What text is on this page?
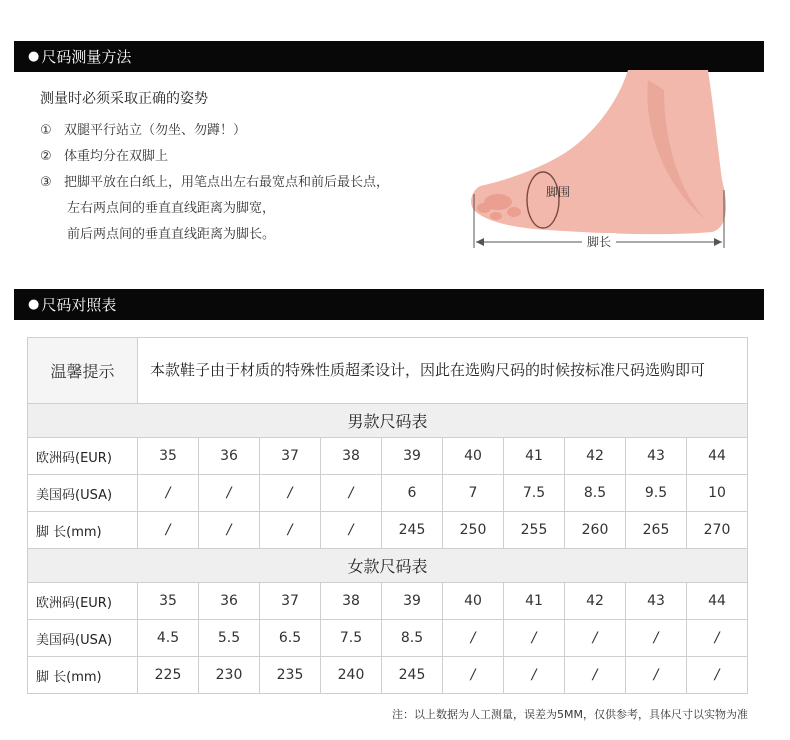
● 尺码测量方法
测量时必须采取正确的姿势
① 双腿平行站立（勿坐、勿蹲！）
② 体重均分在双脚上
③ 把脚平放在白纸上，用笔点出左右最宽点和前后最长点，
左右两点间的垂直直线距离为脚宽，
前后两点间的垂直直线距离为脚长。	脚长
脚围
● 尺码对照表
温馨提示	本款鞋子由于材质的特殊性质超柔设计，因此在选购尺码的时候按标准尺码选购即可									
男款尺码表										
欧洲码(EUR)	35	36	37	38	39	40	41	42	43	44
美国码(USA)	/	/	/	/	6	7	7.5	8.5	9.5	10
脚 长(mm)	/	/	/	/	245	250	255	260	265	270
女款尺码表										
欧洲码(EUR)	35	36	37	38	39	40	41	42	43	44
美国码(USA)	4.5	5.5	6.5	7.5	8.5	/	/	/	/	/
脚 长(mm)	225	230	235	240	245	/	/	/	/	/
注：以上数据为人工测量，误差为5MM，仅供参考，具体尺寸以实物为准
